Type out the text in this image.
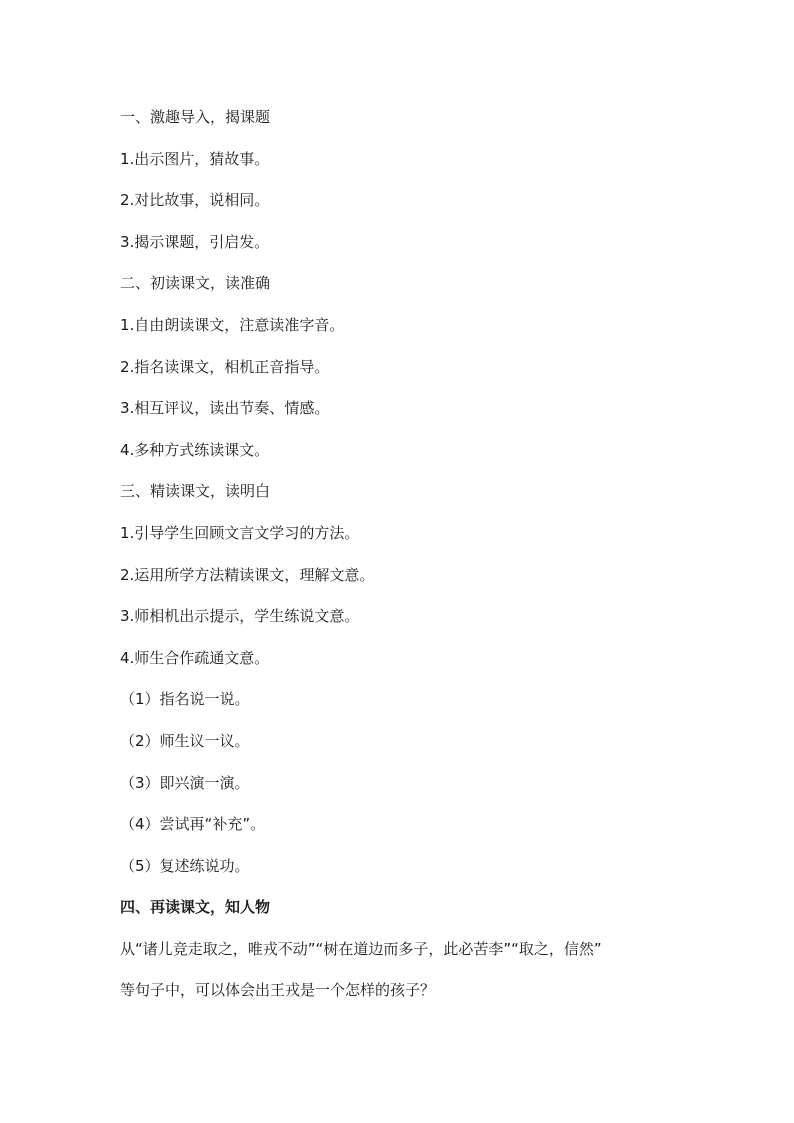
一、激趣导入，揭课题
1.出示图片，猜故事。
2.对比故事，说相同。
3.揭示课题，引启发。
二、初读课文，读准确
1.自由朗读课文，注意读准字音。
2.指名读课文，相机正音指导。
3.相互评议，读出节奏、情感。
4.多种方式练读课文。
三、精读课文，读明白
1.引导学生回顾文言文学习的方法。
2.运用所学方法精读课文，理解文意。
3.师相机出示提示，学生练说文意。
4.师生合作疏通文意。
（1）指名说一说。
（2）师生议一议。
（3）即兴演一演。
（4）尝试再“补充”。
（5）复述练说功。
四、再读课文，知人物
从“诸儿竞走取之，唯戎不动”“树在道边而多子，此必苦李”“取之，信然”
等句子中，可以体会出王戎是一个怎样的孩子？
